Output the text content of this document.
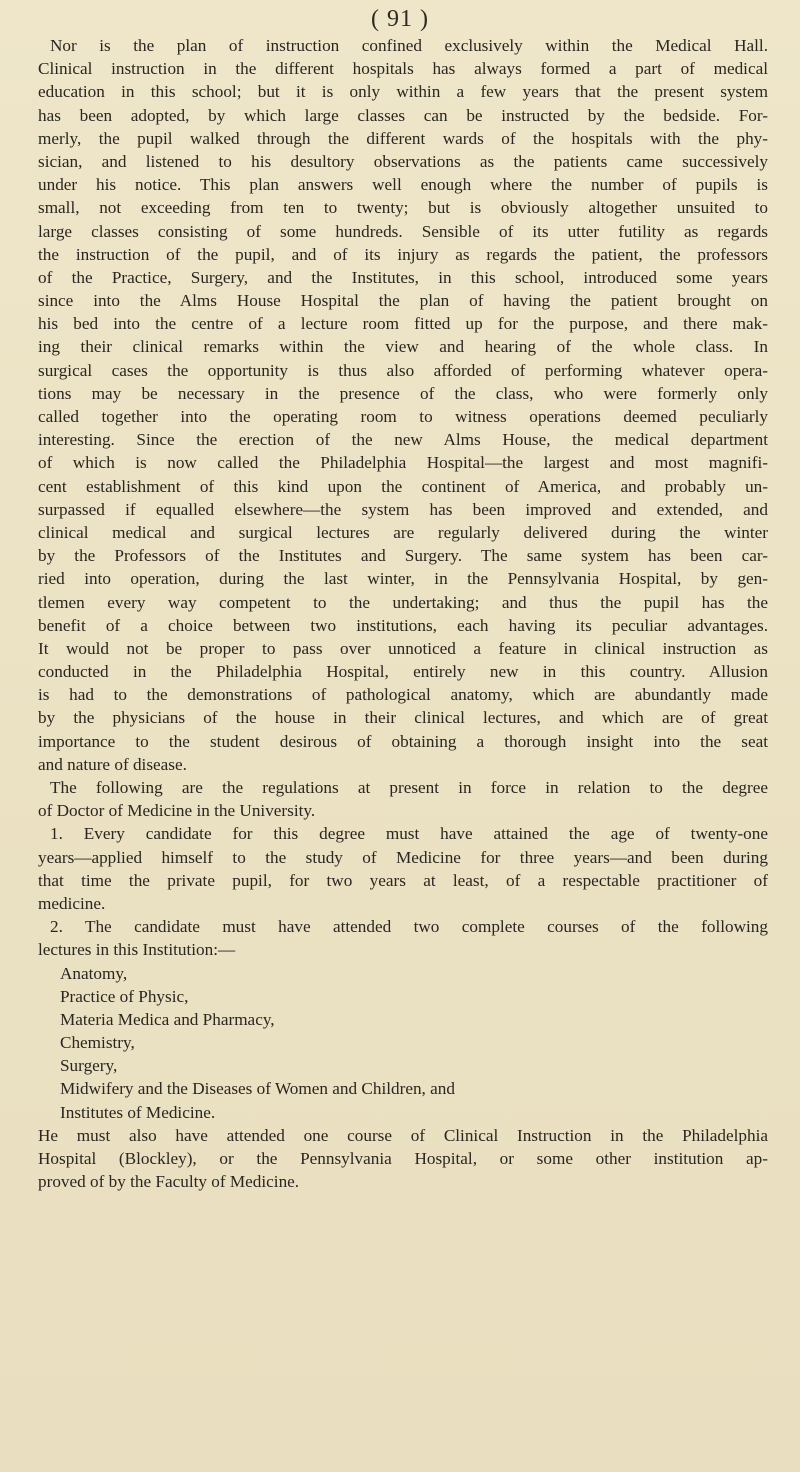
( 91 )
Nor is the plan of instruction confined exclusively within the Medical Hall.
Clinical instruction in the different hospitals has always formed a part of medical
education in this school; but it is only within a few years that the present system
has been adopted, by which large classes can be instructed by the bedside. For-
merly, the pupil walked through the different wards of the hospitals with the phy-
sician, and listened to his desultory observations as the patients came successively
under his notice. This plan answers well enough where the number of pupils is
small, not exceeding from ten to twenty; but is obviously altogether unsuited to
large classes consisting of some hundreds. Sensible of its utter futility as regards
the instruction of the pupil, and of its injury as regards the patient, the professors
of the Practice, Surgery, and the Institutes, in this school, introduced some years
since into the Alms House Hospital the plan of having the patient brought on
his bed into the centre of a lecture room fitted up for the purpose, and there mak-
ing their clinical remarks within the view and hearing of the whole class. In
surgical cases the opportunity is thus also afforded of performing whatever opera-
tions may be necessary in the presence of the class, who were formerly only
called together into the operating room to witness operations deemed peculiarly
interesting. Since the erection of the new Alms House, the medical department
of which is now called the Philadelphia Hospital—the largest and most magnifi-
cent establishment of this kind upon the continent of America, and probably un-
surpassed if equalled elsewhere—the system has been improved and extended, and
clinical medical and surgical lectures are regularly delivered during the winter
by the Professors of the Institutes and Surgery. The same system has been car-
ried into operation, during the last winter, in the Pennsylvania Hospital, by gen-
tlemen every way competent to the undertaking; and thus the pupil has the
benefit of a choice between two institutions, each having its peculiar advantages.
It would not be proper to pass over unnoticed a feature in clinical instruction as
conducted in the Philadelphia Hospital, entirely new in this country. Allusion
is had to the demonstrations of pathological anatomy, which are abundantly made
by the physicians of the house in their clinical lectures, and which are of great
importance to the student desirous of obtaining a thorough insight into the seat
and nature of disease.
The following are the regulations at present in force in relation to the degree
of Doctor of Medicine in the University.
1. Every candidate for this degree must have attained the age of twenty-one
years—applied himself to the study of Medicine for three years—and been during
that time the private pupil, for two years at least, of a respectable practitioner of
medicine.
2. The candidate must have attended two complete courses of the following
lectures in this Institution:—
Anatomy,
Practice of Physic,
Materia Medica and Pharmacy,
Chemistry,
Surgery,
Midwifery and the Diseases of Women and Children, and
Institutes of Medicine.
He must also have attended one course of Clinical Instruction in the Philadelphia
Hospital (Blockley), or the Pennsylvania Hospital, or some other institution ap-
proved of by the Faculty of Medicine.
